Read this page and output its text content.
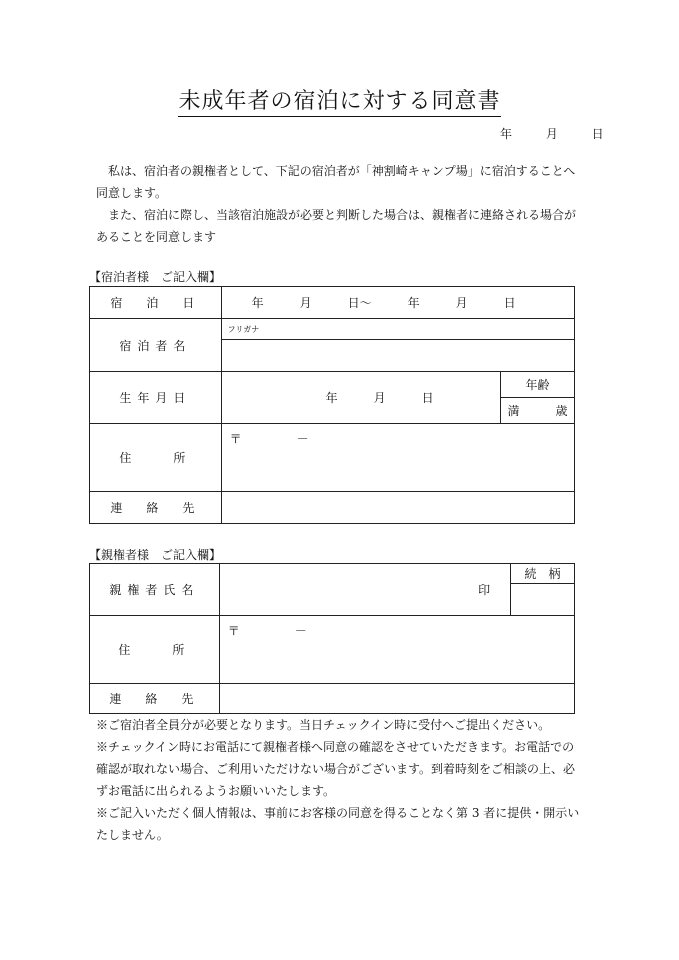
未成年者の宿泊に対する同意書
年 月 日
私は、宿泊者の親権者として、下記の宿泊者が「神割崎キャンプ場」に宿泊することへ同意します。
また、宿泊に際し、当該宿泊施設が必要と判断した場合は、親権者に連絡される場合があることを同意します
【宿泊者様　ご記入欄】
宿　泊　日	年　　　月　　　日～　　　年　　　月　　　日	
宿泊者名	フリガナ	

生年月日	年　　　月　　　日	年齢
		満　　　歳
住　　所	〒 －	
連　絡　先		
【親権者様　ご記入欄】
親権者氏名	印	続　柄

住　　所	〒 －	
連　絡　先		
※ご宿泊者全員分が必要となります。当日チェックイン時に受付へご提出ください。
※チェックイン時にお電話にて親権者様へ同意の確認をさせていただきます。お電話での確認が取れない場合、ご利用いただけない場合がございます。到着時刻をご相談の上、必ずお電話に出られるようお願いいたします。
※ご記入いただく個人情報は、事前にお客様の同意を得ることなく第 3 者に提供・開示いたしません。
